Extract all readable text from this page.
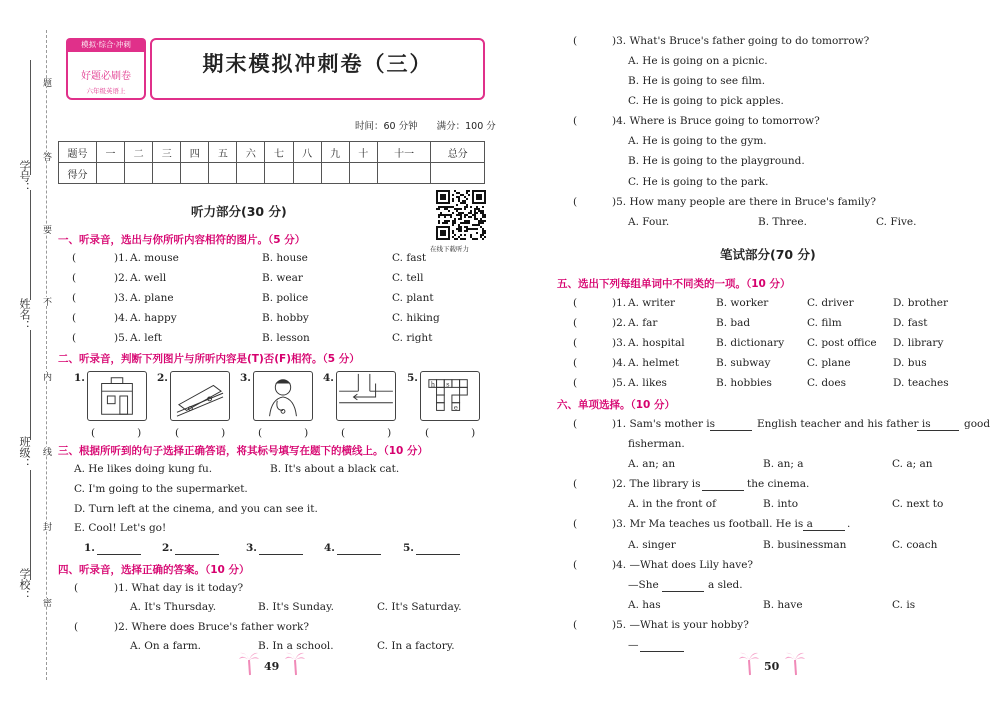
学号：
姓名：
班级：
学校：
题
答
要
不
内
线
封
密
模拟·综合·冲刺
好题必刷卷
六年级英语上
期末模拟冲刺卷（三）
时间：60 分钟　　满分：100 分
题号	一	二	三	四	五	六	七	八	九	十	十一	总分
得分												
在线下载听力
听力部分(30 分)
一、听录音，选出与你所听内容相符的图片。（5 分）
(	)1. A. mouse	B. house	C. fast
(	)2. A. well	B. wear	C. tell
(	)3. A. plane	B. police	C. plant
(	)4. A. happy	B. hobby	C. hiking
(	)5. A. left	B. lesson	C. right
二、听录音，判断下列图片与所听内容是(T)否(F)相符。（5 分）
1.	2.	3.	4.	5.
h s
e
(　　　　)	(　　　　)	(　　　　)	(　　　　)	(　　　　)
三、根据所听到的句子选择正确答语，将其标号填写在题下的横线上。（10 分）
A. He likes doing kung fu.	B. It's about a black cat.
C. I'm going to the supermarket.
D. Turn left at the cinema, and you can see it.
E. Cool! Let's go!
1.	2.	3.	4.	5.
四、听录音，选择正确的答案。（10 分）
(	)1. What day is it today?
A. It's Thursday.	B. It's Sunday.	C. It's Saturday.
(	)2. Where does Bruce's father work?
A. On a farm.	B. In a school.	C. In a factory.
(	)3. What's Bruce's father going to do tomorrow?
A. He is going on a picnic.
B. He is going to see film.
C. He is going to pick apples.
(	)4. Where is Bruce going to tomorrow?
A. He is going to the gym.
B. He is going to the playground.
C. He is going to the park.
(	)5. How many people are there in Bruce's family?
A. Four.	B. Three.	C. Five.
笔试部分(70 分)
五、选出下列每组单词中不同类的一项。（10 分）
(	)1. A. writer	B. worker	C. driver	D. brother
(	)2. A. far	B. bad	C. film	D. fast
(	)3. A. hospital	B. dictionary C. post office D. library
(	)4. A. helmet	B. subway	C. plane	D. bus
(	)5. A. likes	B. hobbies	C. does	D. teaches
六、单项选择。（10 分）
(	)1. Sam's mother is	English teacher and his father is	good
fisherman.
A. an; an	B. an; a	C. a; an
(	)2. The library is	the cinema.
A. in the front of	B. into	C. next to
(	)3. Mr Ma teaches us football. He is a	.
A. singer	B. businessman	C. coach
(	)4. —What does Lily have?
—She	a sled.
A. has	B. have	C. is
(	)5. —What is your hobby?
—
49	50
